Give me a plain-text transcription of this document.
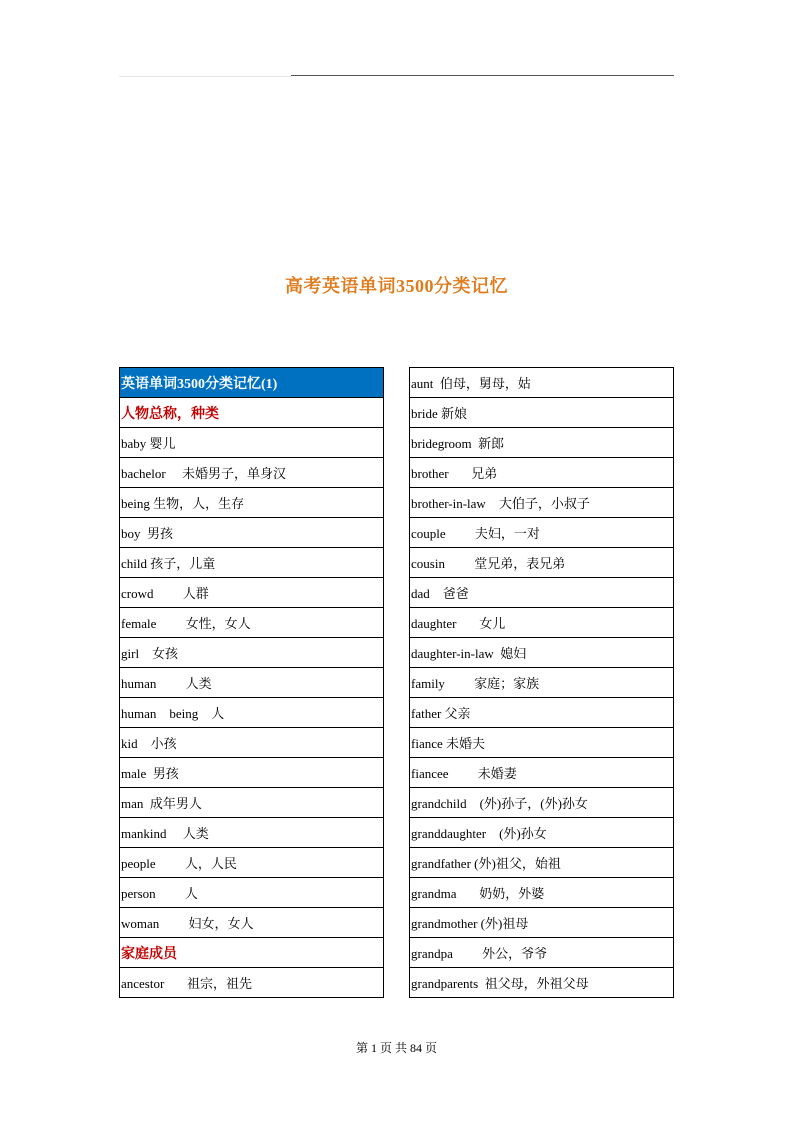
高考英语单词3500分类记忆
英语单词3500分类记忆(1)
人物总称，种类
baby 婴儿
bachelor     未婚男子，单身汉
being 生物，人，生存
boy  男孩
child 孩子，儿童
crowd         人群
female         女性，女人
girl    女孩
human         人类
human    being    人
kid    小孩
male  男孩
man  成年男人
mankind     人类
people         人，人民
person         人
woman         妇女，女人
家庭成员
ancestor       祖宗，祖先
aunt  伯母，舅母，姑
bride 新娘
bridegroom  新郎
brother       兄弟
brother-in-law    大伯子，小叔子
couple         夫妇，一对
cousin         堂兄弟，表兄弟
dad    爸爸
daughter       女儿
daughter-in-law  媳妇
family         家庭；家族
father 父亲
fiance 未婚夫
fiancee         未婚妻
grandchild    (外)孙子，(外)孙女
granddaughter    (外)孙女
grandfather (外)祖父，始祖
grandma       奶奶，外婆
grandmother (外)祖母
grandpa         外公，爷爷
grandparents  祖父母，外祖父母
第 1 页 共 84 页
